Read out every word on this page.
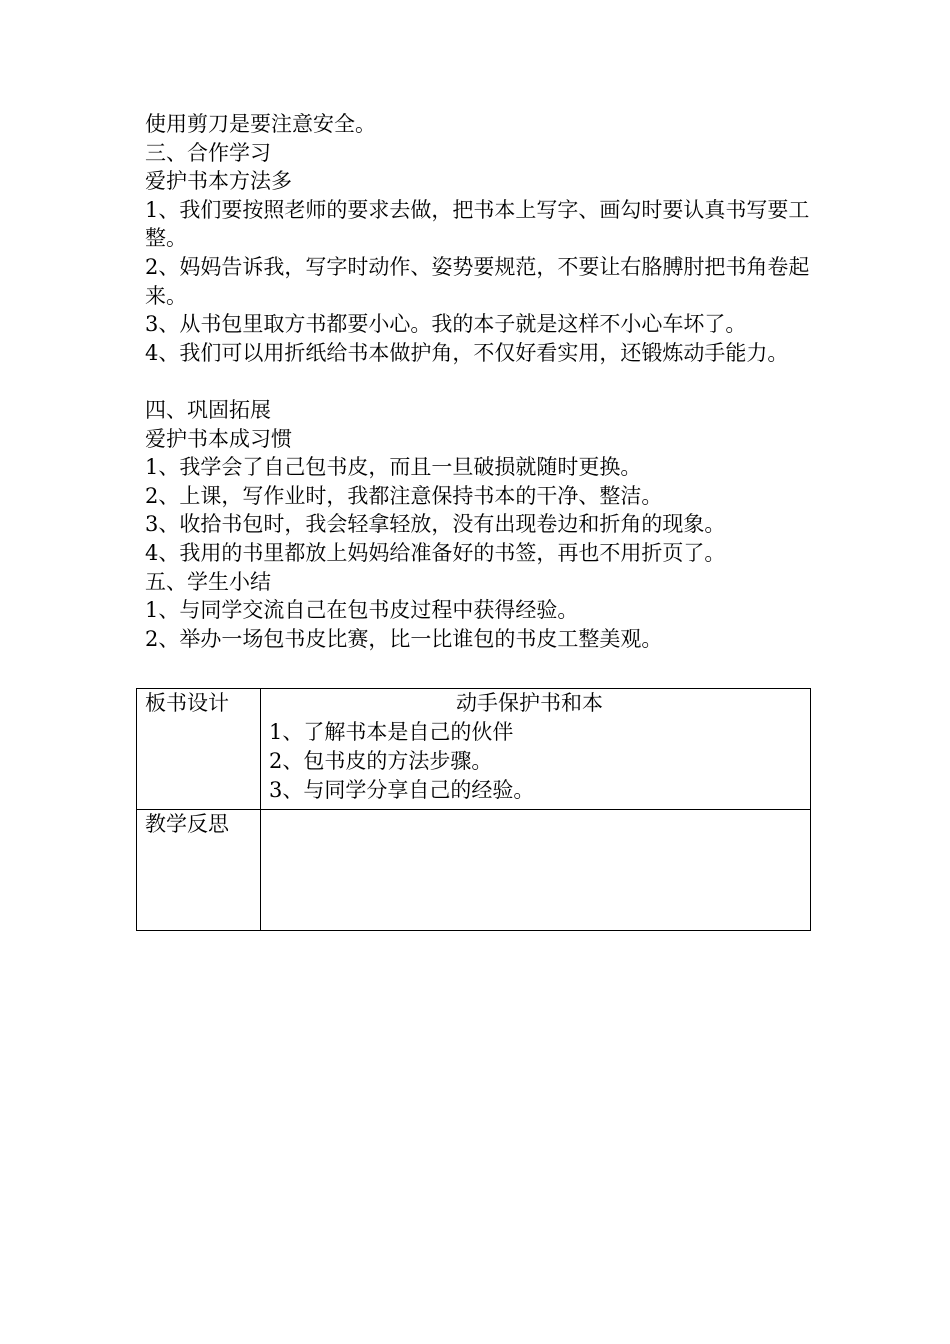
使用剪刀是要注意安全。

三、合作学习

爱护书本方法多

1、我们要按照老师的要求去做，把书本上写字、画勾时要认真书写要工整。

2、妈妈告诉我，写字时动作、姿势要规范，不要让右胳膊肘把书角卷起来。

3、从书包里取方书都要小心。我的本子就是这样不小心车坏了。

4、我们可以用折纸给书本做护角，不仅好看实用，还锻炼动手能力。

四、巩固拓展

爱护书本成习惯

1、我学会了自己包书皮，而且一旦破损就随时更换。

2、上课，写作业时，我都注意保持书本的干净、整洁。

3、收拾书包时，我会轻拿轻放，没有出现卷边和折角的现象。

4、我用的书里都放上妈妈给准备好的书签，再也不用折页了。

五、学生小结

1、与同学交流自己在包书皮过程中获得经验。

2、举办一场包书皮比赛，比一比谁包的书皮工整美观。

板书设计	动手保护书和本
1、了解书本是自己的伙伴
2、包书皮的方法步骤。
3、与同学分享自己的经验。

教学反思	
